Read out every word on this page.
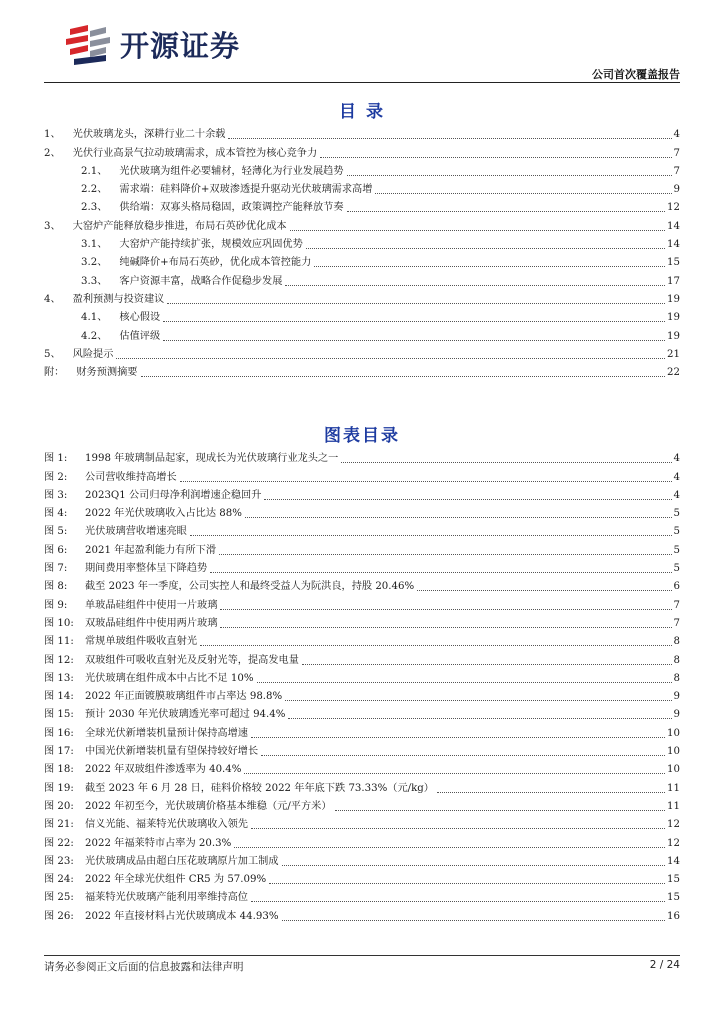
开源证券
公司首次覆盖报告
目 录
1、 光伏玻璃龙头，深耕行业二十余载	4
2、 光伏行业高景气拉动玻璃需求，成本管控为核心竞争力	7
2.1、 光伏玻璃为组件必要辅材，轻薄化为行业发展趋势	7
2.2、 需求端：硅料降价+双玻渗透提升驱动光伏玻璃需求高增	9
2.3、 供给端：双寡头格局稳固，政策调控产能释放节奏	12
3、 大窑炉产能释放稳步推进，布局石英砂优化成本	14
3.1、 大窑炉产能持续扩张，规模效应巩固优势	14
3.2、 纯碱降价+布局石英砂，优化成本管控能力	15
3.3、 客户资源丰富，战略合作促稳步发展	17
4、 盈利预测与投资建议	19
4.1、 核心假设	19
4.2、 估值评级	19
5、 风险提示	21
附： 财务预测摘要	22
图表目录
图 1:	1998 年玻璃制品起家，现成长为光伏玻璃行业龙头之一	4
图 2:	公司营收维持高增长	4
图 3:	2023Q1 公司归母净利润增速企稳回升	4
图 4:	2022 年光伏玻璃收入占比达 88%	5
图 5:	光伏玻璃营收增速亮眼	5
图 6:	2021 年起盈利能力有所下滑	5
图 7:	期间费用率整体呈下降趋势	5
图 8:	截至 2023 年一季度，公司实控人和最终受益人为阮洪良，持股 20.46%	6
图 9:	单玻晶硅组件中使用一片玻璃	7
图 10:	双玻晶硅组件中使用两片玻璃	7
图 11:	常规单玻组件吸收直射光	8
图 12:	双玻组件可吸收直射光及反射光等，提高发电量	8
图 13:	光伏玻璃在组件成本中占比不足 10%	8
图 14:	2022 年正面镀膜玻璃组件市占率达 98.8%	9
图 15:	预计 2030 年光伏玻璃透光率可超过 94.4%	9
图 16:	全球光伏新增装机量预计保持高增速	10
图 17:	中国光伏新增装机量有望保持较好增长	10
图 18:	2022 年双玻组件渗透率为 40.4%	10
图 19:	截至 2023 年 6 月 28 日，硅料价格较 2022 年年底下跌 73.33%（元/kg）	11
图 20:	2022 年初至今，光伏玻璃价格基本维稳（元/平方米）	11
图 21:	信义光能、福莱特光伏玻璃收入领先	12
图 22:	2022 年福莱特市占率为 20.3%	12
图 23:	光伏玻璃成品由超白压花玻璃原片加工制成	14
图 24:	2022 年全球光伏组件 CR5 为 57.09%	15
图 25:	福莱特光伏玻璃产能利用率维持高位	15
图 26:	2022 年直接材料占光伏玻璃成本 44.93%	16
请务必参阅正文后面的信息披露和法律声明	2 / 24
